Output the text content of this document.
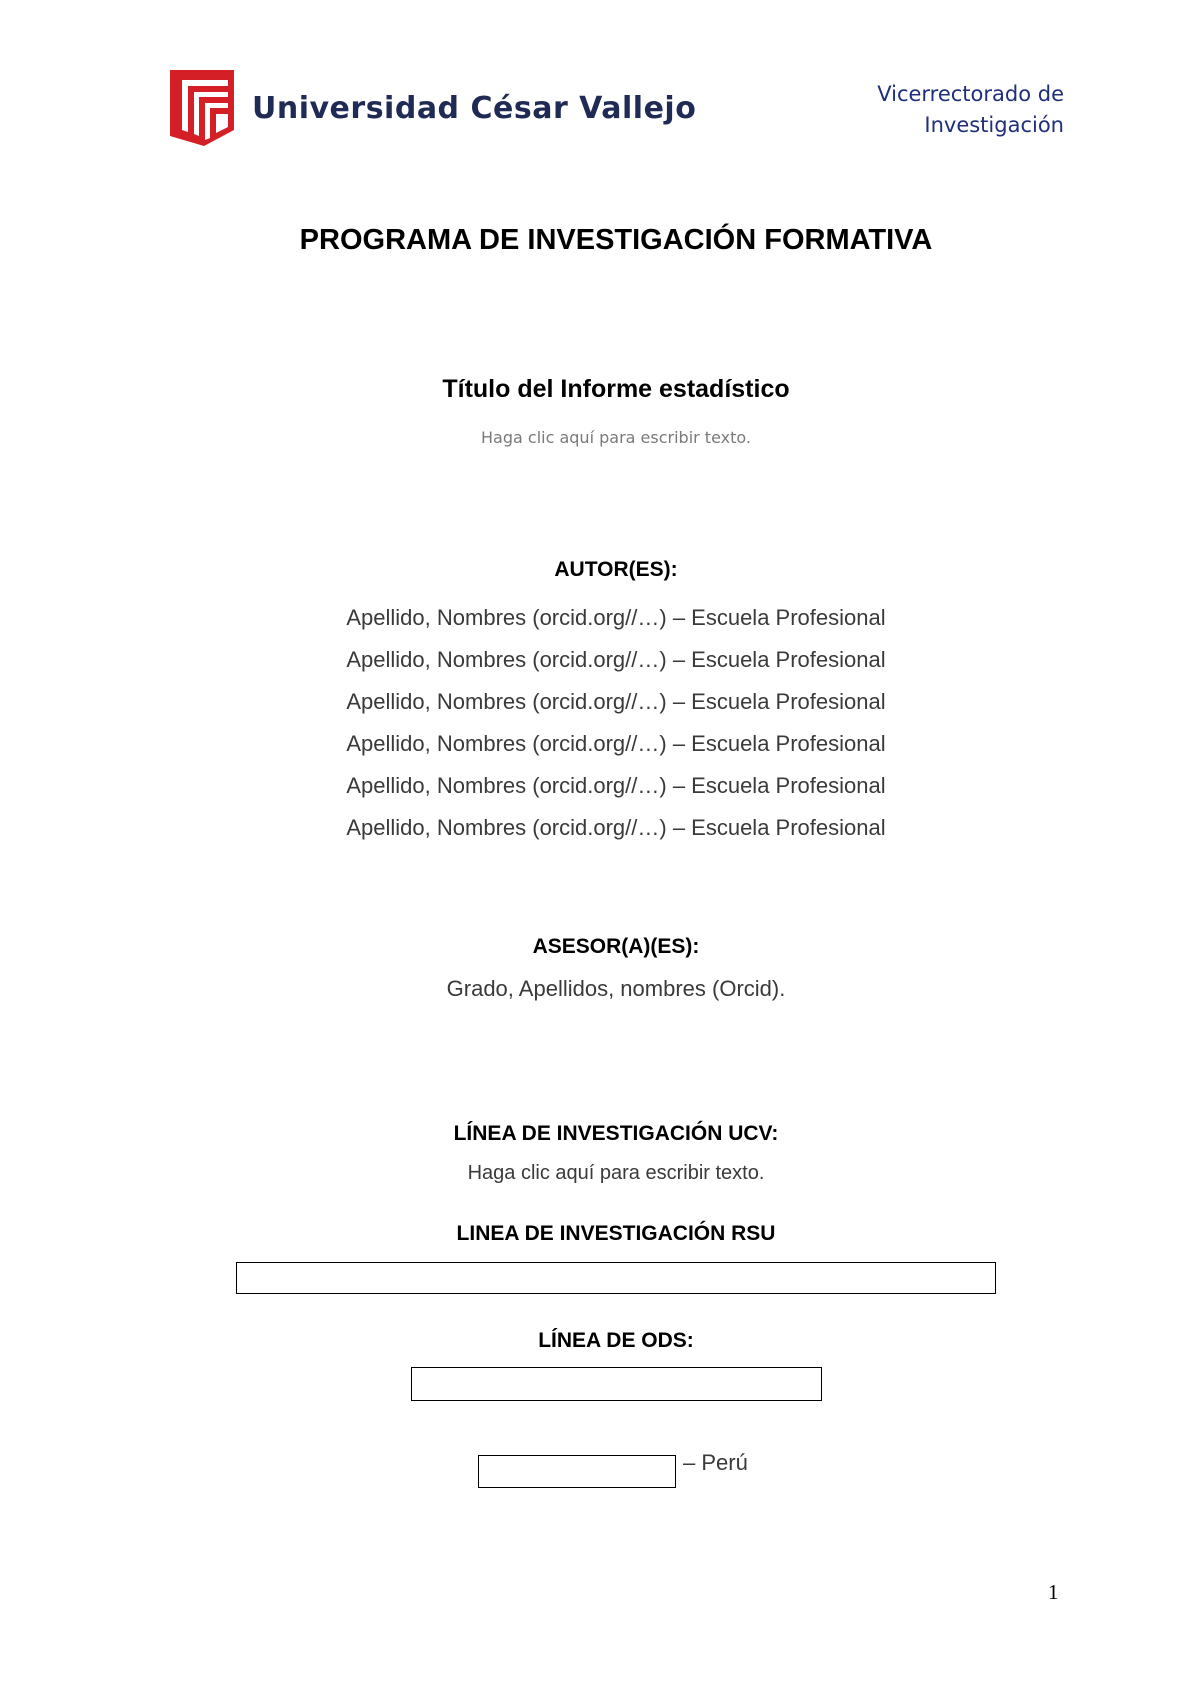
Universidad César Vallejo	Vicerrectorado de
Investigación
PROGRAMA DE INVESTIGACIÓN FORMATIVA
Título del Informe estadístico
Haga clic aquí para escribir texto.
AUTOR(ES):
Apellido, Nombres (orcid.org//…) – Escuela Profesional
Apellido, Nombres (orcid.org//…) – Escuela Profesional
Apellido, Nombres (orcid.org//…) – Escuela Profesional
Apellido, Nombres (orcid.org//…) – Escuela Profesional
Apellido, Nombres (orcid.org//…) – Escuela Profesional
Apellido, Nombres (orcid.org//…) – Escuela Profesional
ASESOR(A)(ES):
Grado, Apellidos, nombres (Orcid).
LÍNEA DE INVESTIGACIÓN UCV:
Haga clic aquí para escribir texto.
LINEA DE INVESTIGACIÓN RSU
LÍNEA DE ODS:
– Perú
1
